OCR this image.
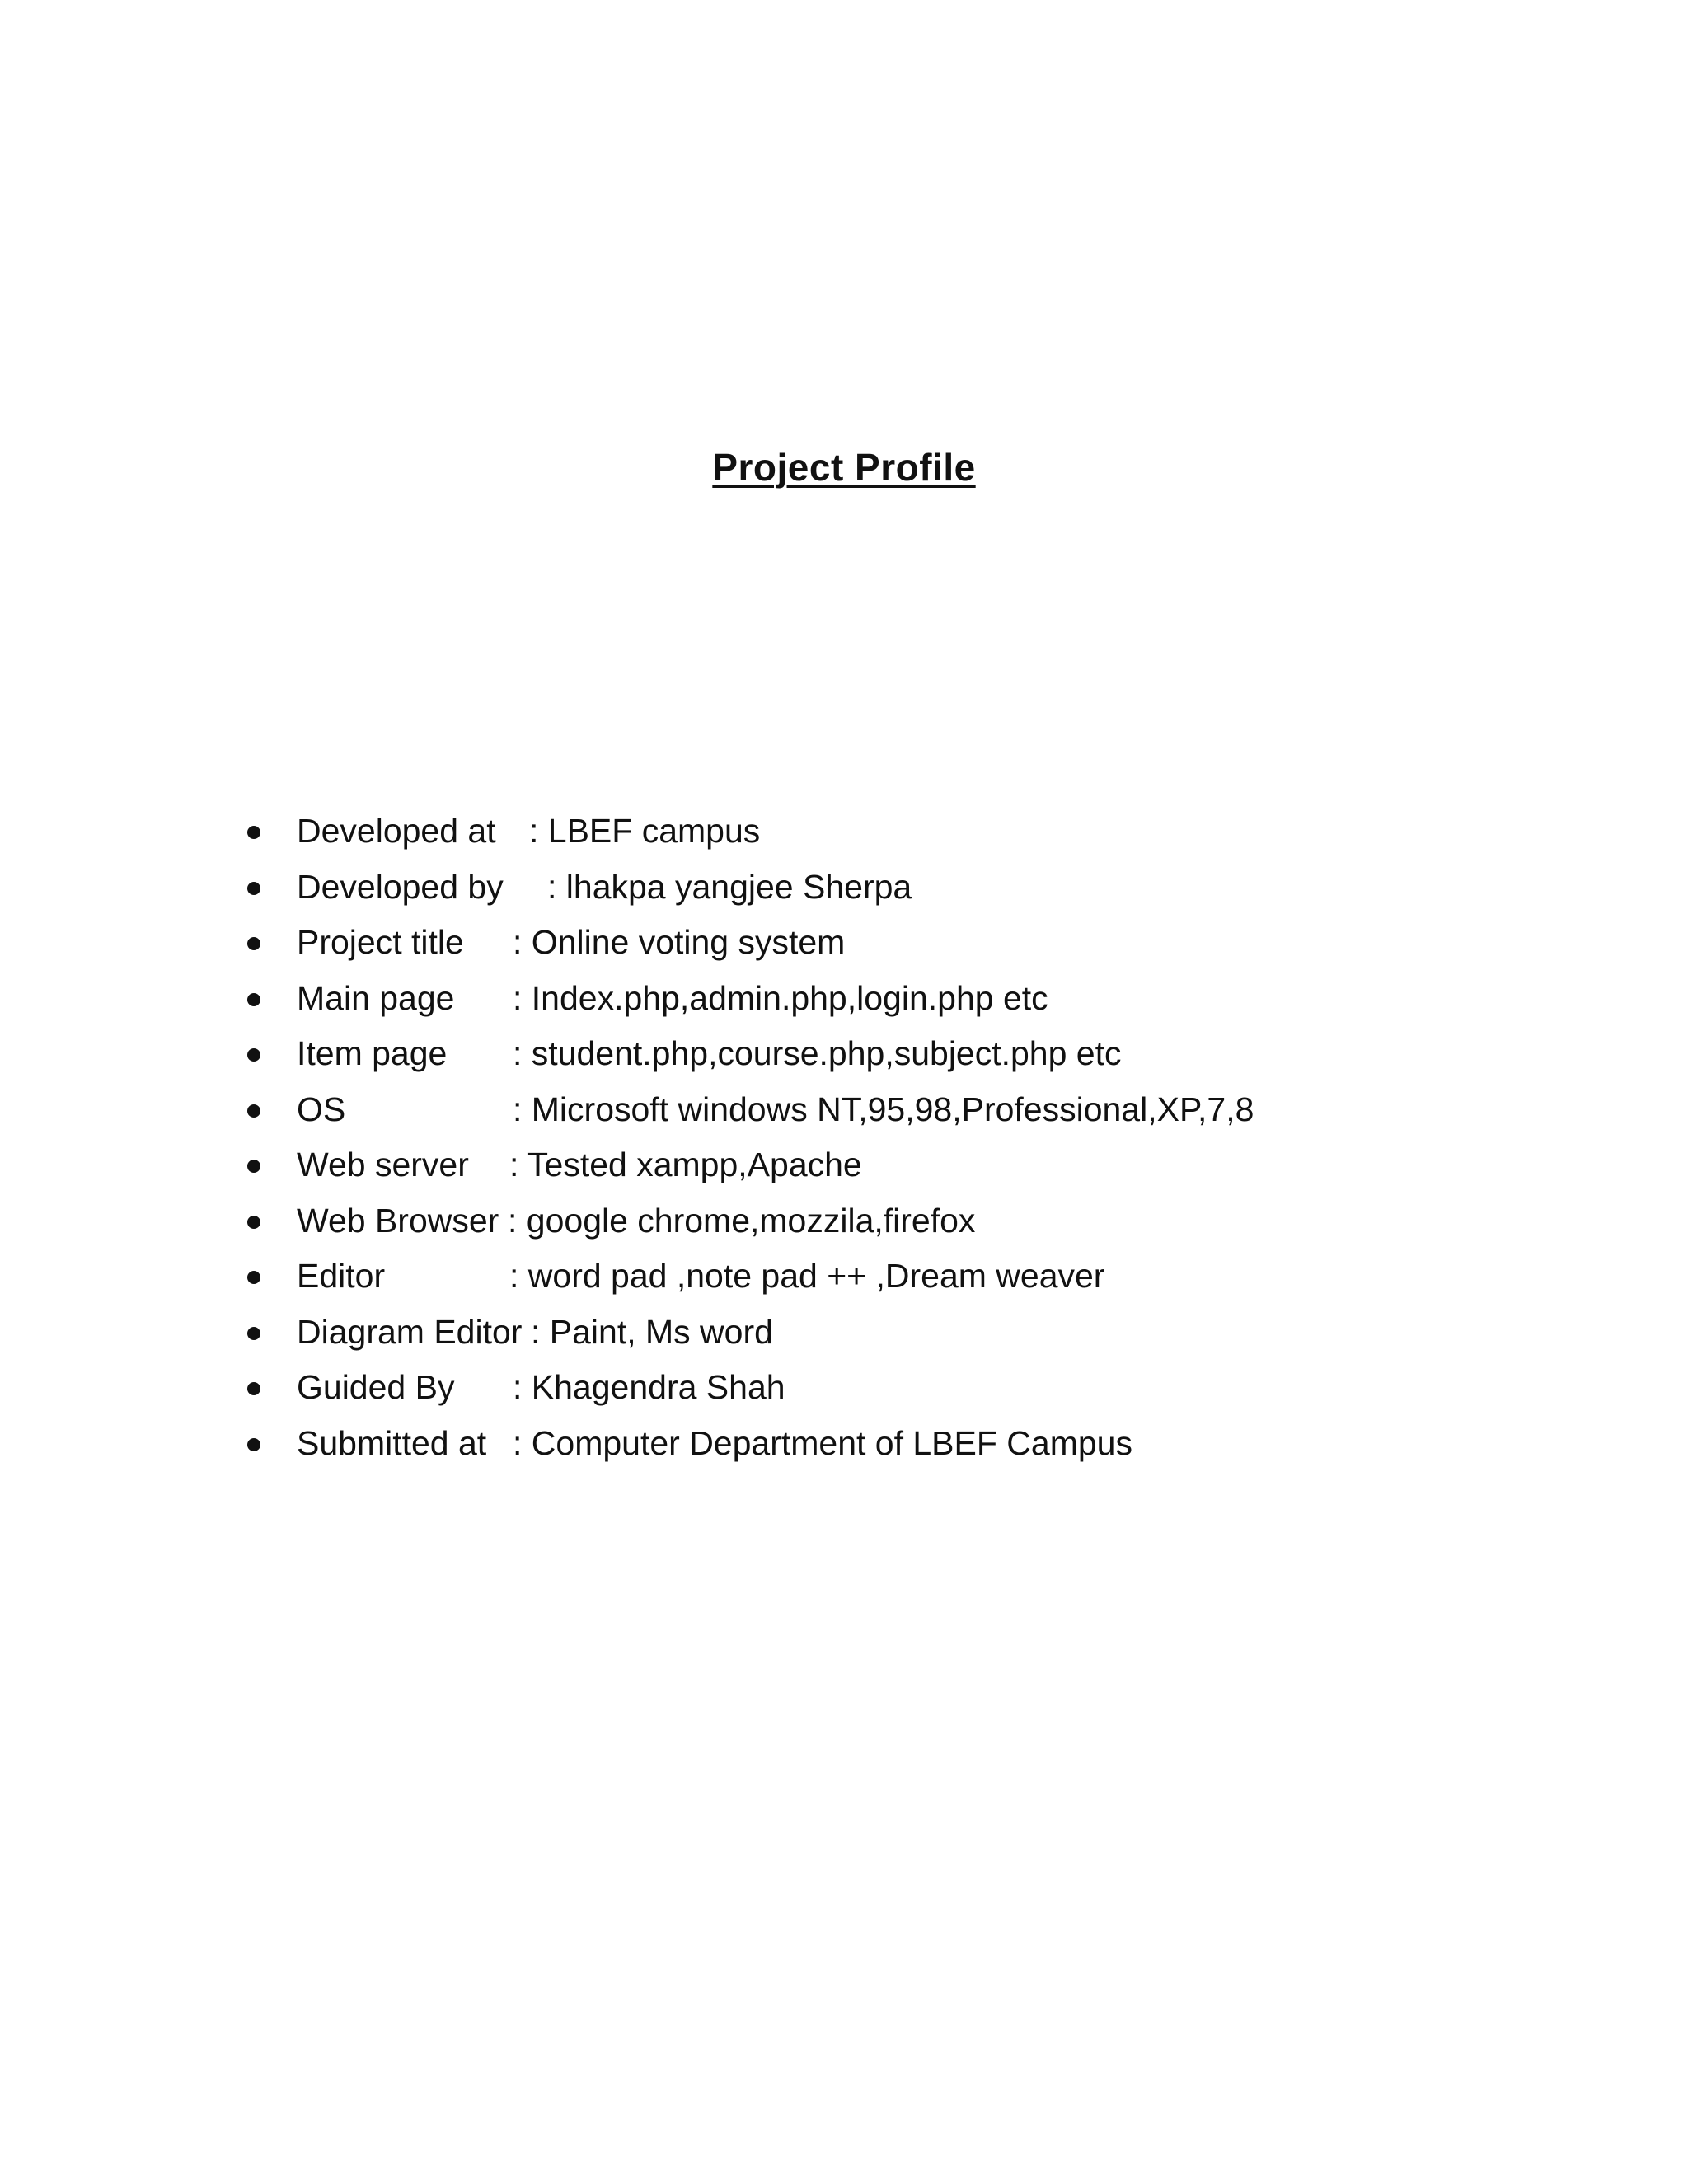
Project Profile
Developed at : LBEF campus
Developed by : lhakpa yangjee Sherpa
Project title : Online voting system
Main page : Index.php,admin.php,login.php etc
Item page : student.php,course.php,subject.php etc
OS	: Microsoft windows NT,95,98,Professional,XP,7,8
Web server : Tested xampp,Apache
Web Browser : google chrome,mozzila,firefox
Editor	: word pad ,note pad ++ ,Dream weaver
Diagram Editor : Paint, Ms word
Guided By : Khagendra Shah
Submitted at : Computer Department of LBEF Campus
